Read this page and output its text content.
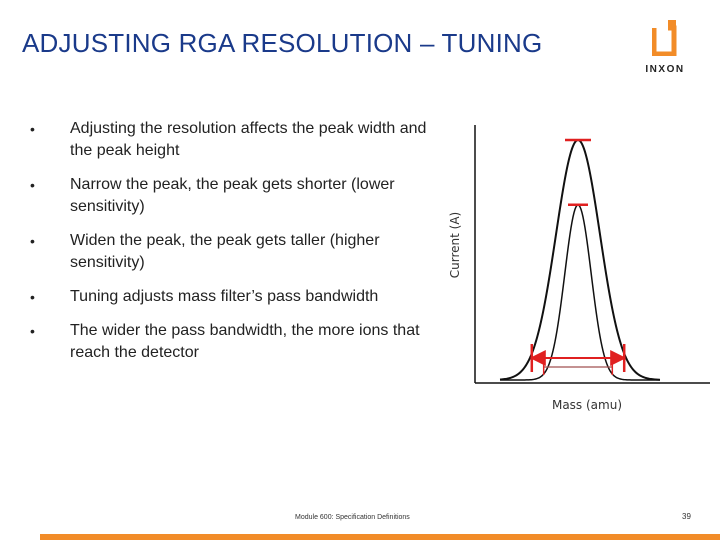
ADJUSTING RGA RESOLUTION – TUNING
INXON
• Adjusting the resolution affects the peak width and the peak height
• Narrow the peak, the peak gets shorter (lower sensitivity)
• Widen the peak, the peak gets taller (higher sensitivity)
• Tuning adjusts mass filter’s pass bandwidth
• The wider the pass bandwidth, the more ions that reach the detector
Current (A)
Mass (amu)
Module 600: Specification Definitions	39
